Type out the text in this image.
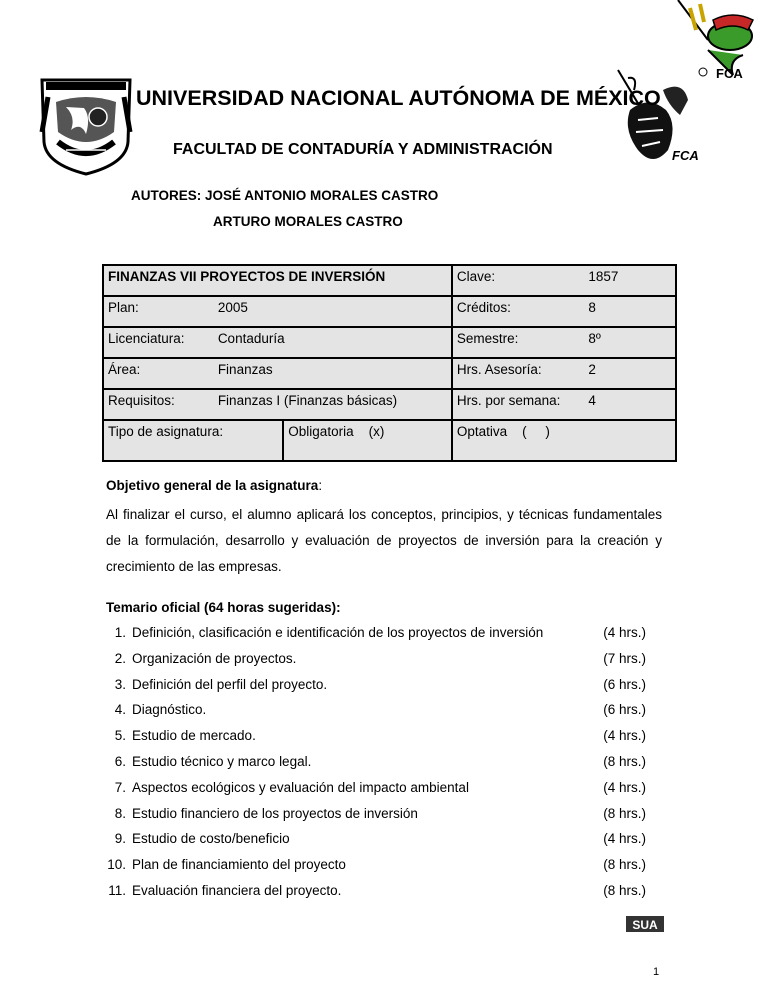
FCA
FCA
UNIVERSIDAD NACIONAL AUTÓNOMA DE MÉXICO
FACULTAD DE CONTADURÍA Y ADMINISTRACIÓN
AUTORES: JOSÉ ANTONIO MORALES CASTRO
ARTURO MORALES CASTRO
FINANZAS VII PROYECTOS DE INVERSIÓN			Clave:	1857
Plan:	2005		Créditos:	8
Licenciatura:	Contaduría		Semestre:	8º
Área:	Finanzas		Hrs. Asesoría:	2
Requisitos:	Finanzas I (Finanzas básicas)		Hrs. por semana:	4
Tipo de asignatura:		Obligatoria    (x)	Optativa    (     )	
Objetivo general de la asignatura:
Al finalizar el curso, el alumno aplicará los conceptos, principios, y técnicas fundamentales de la formulación, desarrollo y evaluación de proyectos de inversión para la creación y crecimiento de las empresas.
Temario oficial (64 horas sugeridas):
1. Definición, clasificación e identificación de los proyectos de inversión	(4 hrs.)
2. Organización de proyectos.	(7 hrs.)
3. Definición del perfil del proyecto.	(6 hrs.)
4. Diagnóstico.	(6 hrs.)
5. Estudio de mercado.	(4 hrs.)
6. Estudio técnico y marco legal.	(8 hrs.)
7. Aspectos ecológicos y evaluación del impacto ambiental	(4 hrs.)
8. Estudio financiero de los proyectos de inversión	(8 hrs.)
9. Estudio de costo/beneficio	(4 hrs.)
10. Plan de financiamiento del proyecto	(8 hrs.)
11. Evaluación financiera del proyecto.	(8 hrs.)
SUA
1
